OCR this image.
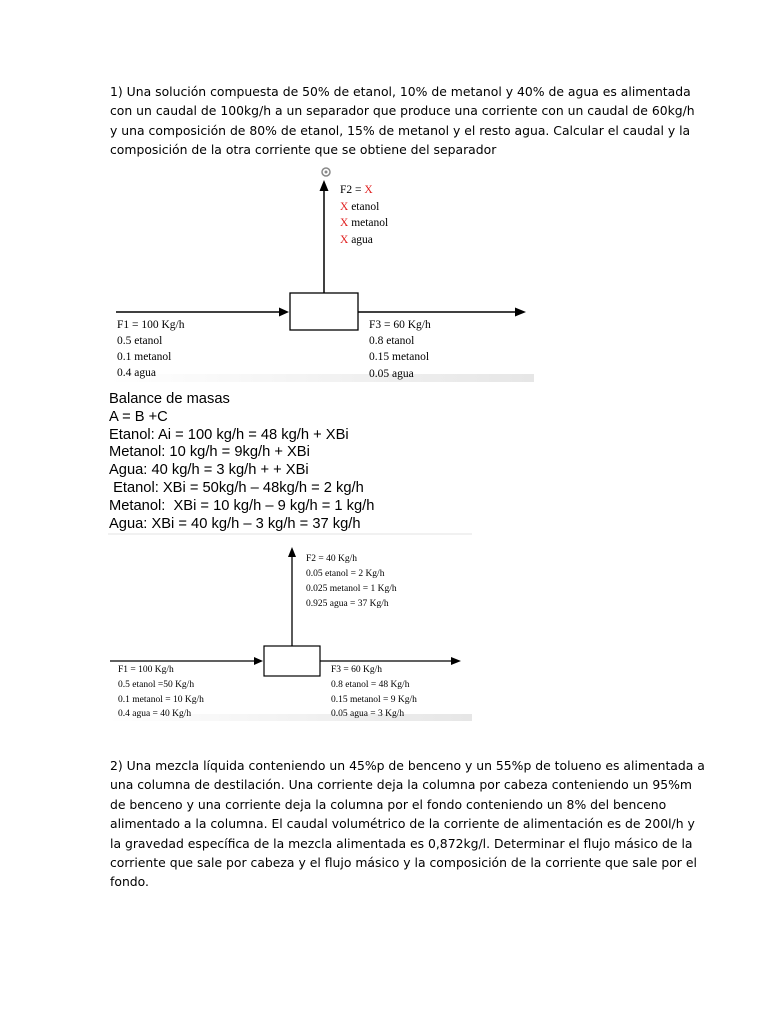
1) Una solución compuesta de 50% de etanol, 10% de metanol y 40% de agua es alimentada
con un caudal de 100kg/h a un separador que produce una corriente con un caudal de 60kg/h
y una composición de 80% de etanol, 15% de metanol y el resto agua. Calcular el caudal y la
composición de la otra corriente que se obtiene del separador
F2 = X
X etanol
X metanol
X agua
F1 = 100 Kg/h
0.5 etanol
0.1 metanol
0.4 agua
F3 = 60 Kg/h
0.8 etanol
0.15 metanol
0.05 agua
Balance de masas
A = B +C
Etanol: Ai = 100 kg/h = 48 kg/h + XBi
Metanol: 10 kg/h = 9kg/h + XBi
Agua: 40 kg/h = 3 kg/h + + XBi
Etanol: XBi = 50kg/h – 48kg/h = 2 kg/h
Metanol:  XBi = 10 kg/h – 9 kg/h = 1 kg/h
Agua: XBi = 40 kg/h – 3 kg/h = 37 kg/h
F2 = 40 Kg/h
0.05 etanol = 2 Kg/h
0.025 metanol = 1 Kg/h
0.925 agua = 37 Kg/h
F1 = 100 Kg/h
0.5 etanol =50 Kg/h
0.1 metanol = 10 Kg/h
0.4 agua = 40 Kg/h
F3 = 60 Kg/h
0.8 etanol = 48 Kg/h
0.15 metanol = 9 Kg/h
0.05 agua = 3 Kg/h
2) Una mezcla líquida conteniendo un 45%p de benceno y un 55%p de tolueno es alimentada a
una columna de destilación. Una corriente deja la columna por cabeza conteniendo un 95%m
de benceno y una corriente deja la columna por el fondo conteniendo un 8% del benceno
alimentado a la columna. El caudal volumétrico de la corriente de alimentación es de 200l/h y
la gravedad específica de la mezcla alimentada es 0,872kg/l. Determinar el flujo másico de la
corriente que sale por cabeza y el flujo másico y la composición de la corriente que sale por el
fondo.
